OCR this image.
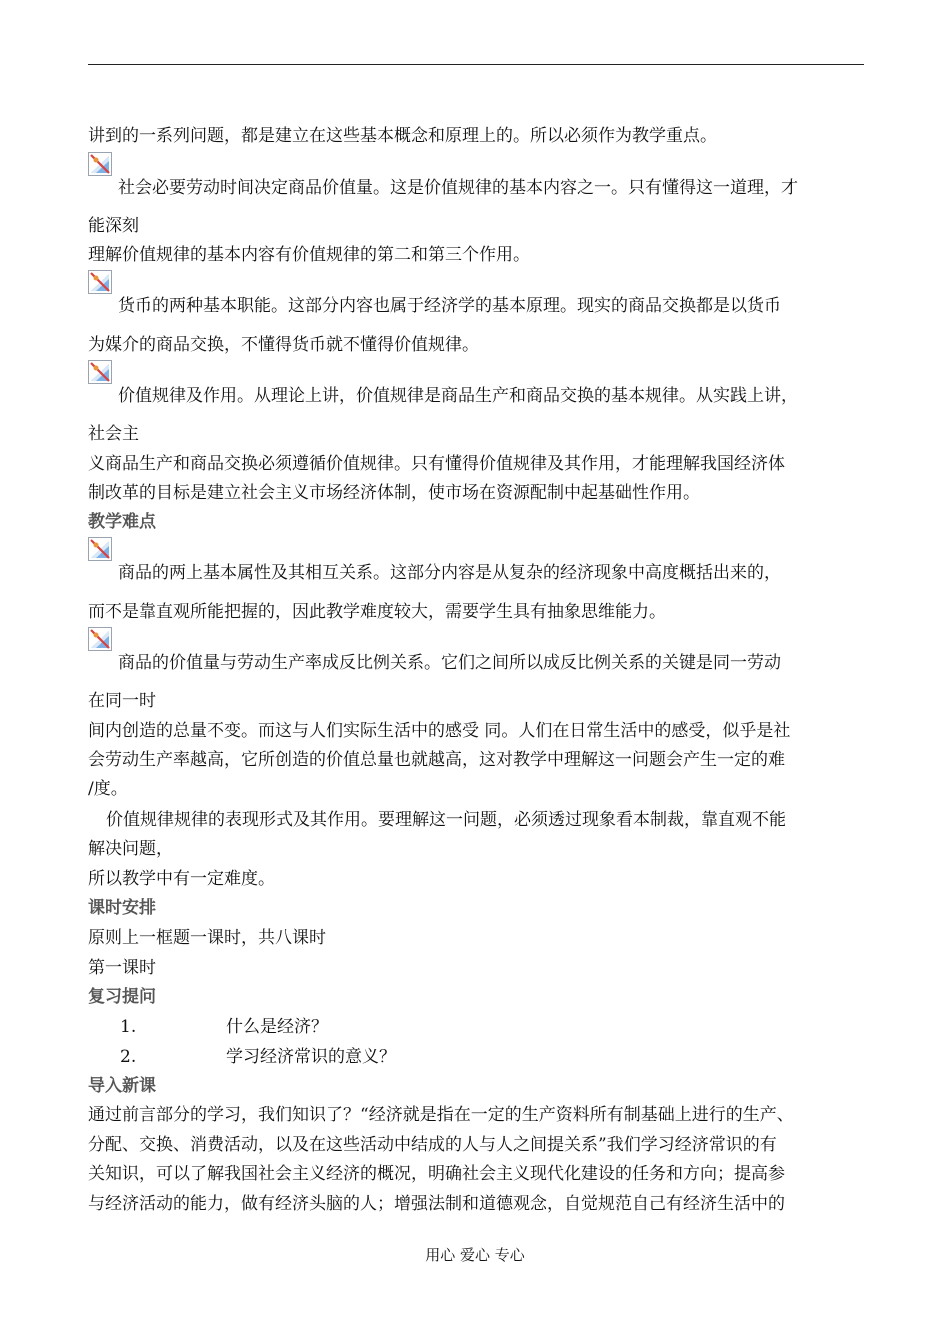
讲到的一系列问题，都是建立在这些基本概念和原理上的。所以必须作为教学重点。
社会必要劳动时间决定商品价值量。这是价值规律的基本内容之一。只有懂得这一道理，才
能深刻
理解价值规律的基本内容有价值规律的第二和第三个作用。
货币的两种基本职能。这部分内容也属于经济学的基本原理。现实的商品交换都是以货币
为媒介的商品交换，不懂得货币就不懂得价值规律。
价值规律及作用。从理论上讲，价值规律是商品生产和商品交换的基本规律。从实践上讲，
社会主
义商品生产和商品交换必须遵循价值规律。只有懂得价值规律及其作用，才能理解我国经济体
制改革的目标是建立社会主义市场经济体制，使市场在资源配制中起基础性作用。
教学难点
商品的两上基本属性及其相互关系。这部分内容是从复杂的经济现象中高度概括出来的，
而不是靠直观所能把握的，因此教学难度较大，需要学生具有抽象思维能力。
商品的价值量与劳动生产率成反比例关系。它们之间所以成反比例关系的关键是同一劳动
在同一时
间内创造的总量不变。而这与人们实际生活中的感受 同。人们在日常生活中的感受，似乎是社
会劳动生产率越高，它所创造的价值总量也就越高，这对教学中理解这一问题会产生一定的难
/度。
价值规律规律的表现形式及其作用。要理解这一问题，必须透过现象看本制裁，靠直观不能
解决问题，
所以教学中有一定难度。
课时安排
原则上一框题一课时，共八课时
第一课时
复习提问
1.	什么是经济？
2.	学习经济常识的意义？
导入新课
通过前言部分的学习，我们知识了？“经济就是指在一定的生产资料所有制基础上进行的生产、
分配、交换、消费活动，以及在这些活动中结成的人与人之间提关系”我们学习经济常识的有
关知识，可以了解我国社会主义经济的概况，明确社会主义现代化建设的任务和方向；提高参
与经济活动的能力，做有经济头脑的人；增强法制和道德观念，自觉规范自己有经济生活中的
用心 爱心 专心
